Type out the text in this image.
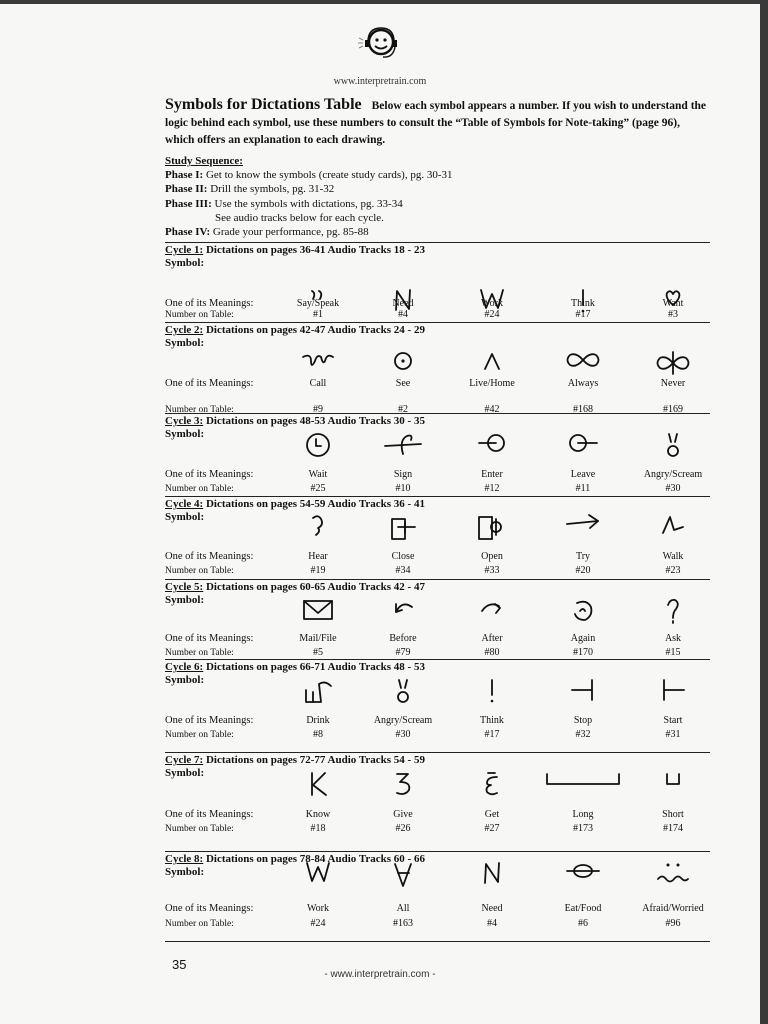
www.interpretrain.com
Symbols for Dictations Table Below each symbol appears a number. If you wish to understand the logic behind each symbol, use these numbers to consult the “Table of Symbols for Note-taking” (page 96), which offers an explanation to each drawing.
Study Sequence:
Phase I: Get to know the symbols (create study cards), pg. 30-31
Phase II: Drill the symbols, pg. 31-32
Phase III: Use the symbols with dictations, pg. 33-34
See audio tracks below for each cycle.
Phase IV: Grade your performance, pg. 85-88
Cycle 1: Dictations on pages 36-41 Audio Tracks 18 - 23
Symbol:
One of its Meanings:
Number on Table:
Say/Speak
#1
Need
#4
Work
#24
Think
#17
Want
#3
Cycle 2: Dictations on pages 42-47 Audio Tracks 24 - 29
Symbol:
One of its Meanings:
Number on Table:
Call
#9
See
#2
Live/Home
#42
Always
#168
Never
#169
Cycle 3: Dictations on pages 48-53 Audio Tracks 30 - 35
Symbol:
One of its Meanings:
Number on Table:
Wait
#25
Sign
#10
Enter
#12
Leave
#11
Angry/Scream
#30
Cycle 4: Dictations on pages 54-59 Audio Tracks 36 - 41
Symbol:
One of its Meanings:
Number on Table:
Hear
#19
Close
#34
Open
#33
Try
#20
Walk
#23
Cycle 5: Dictations on pages 60-65 Audio Tracks 42 - 47
Symbol:
One of its Meanings:
Number on Table:
Mail/File
#5
Before
#79
After
#80
Again
#170
Ask
#15
Cycle 6: Dictations on pages 66-71 Audio Tracks 48 - 53
Symbol:
One of its Meanings:
Number on Table:
Drink
#8
Angry/Scream
#30
Think
#17
Stop
#32
Start
#31
Cycle 7: Dictations on pages 72-77 Audio Tracks 54 - 59
Symbol:
One of its Meanings:
Number on Table:
Know
#18
Give
#26
Get
#27
Long
#173
Short
#174
Cycle 8: Dictations on pages 78-84 Audio Tracks 60 - 66
Symbol:
One of its Meanings:
Number on Table:
Work
#24
All
#163
Need
#4
Eat/Food
#6
Afraid/Worried
#96
35
- www.interpretrain.com -
